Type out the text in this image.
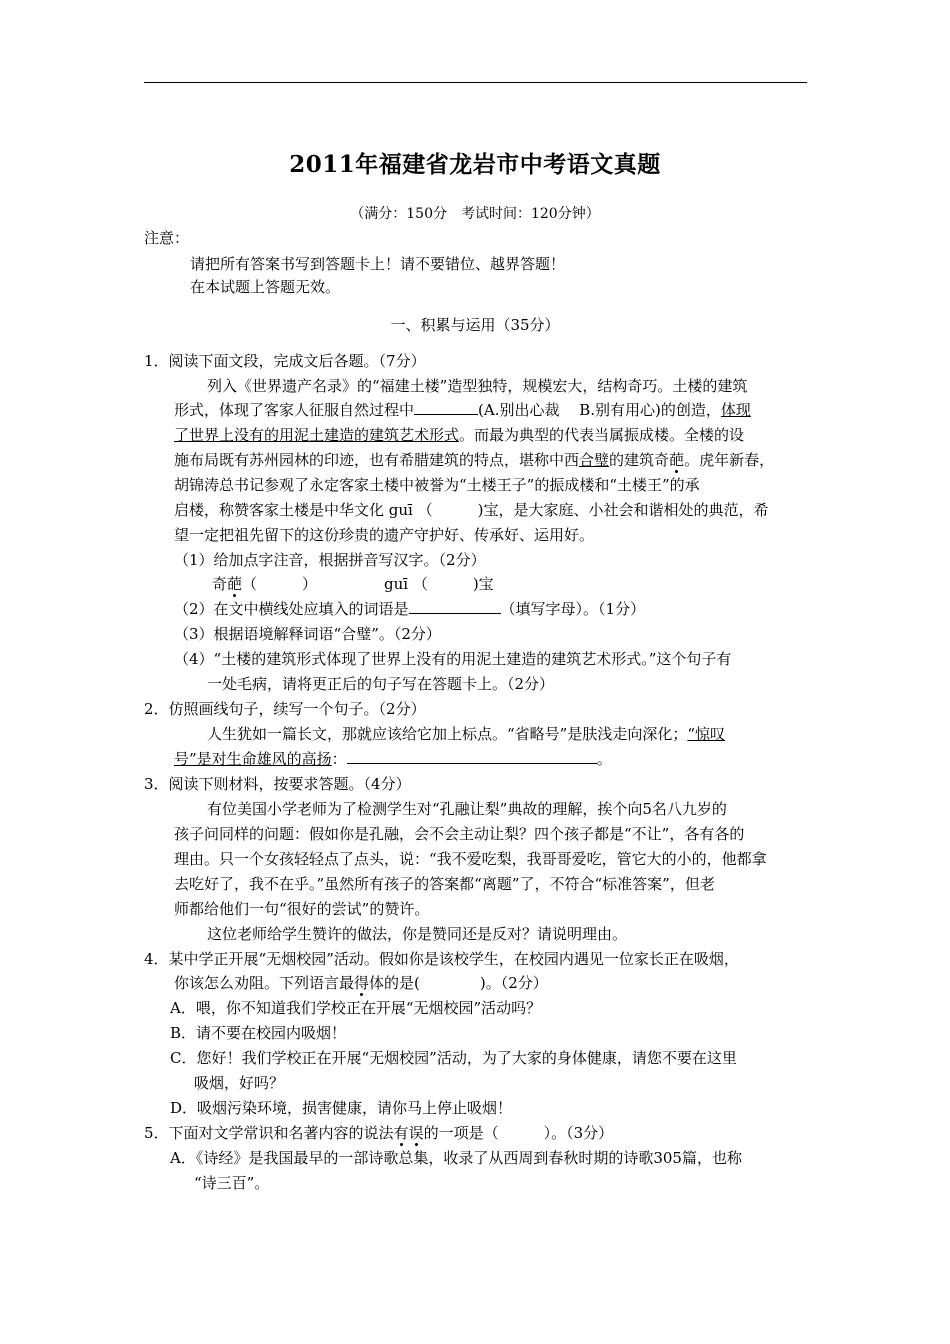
2011年福建省龙岩市中考语文真题
（满分：150分　考试时间：120分钟）
注意：
请把所有答案书写到答题卡上！请不要错位、越界答题！
在本试题上答题无效。
一、积累与运用（35分）
1．阅读下面文段，完成文后各题。（7分）
列入《世界遗产名录》的“福建土楼”造型独特，规模宏大，结构奇巧。土楼的建筑
形式，体现了客家人征服自然过程中	(A.别出心裁　 B.别有用心)的创造，体现
了世界上没有的用泥土建造的建筑艺术形式。而最为典型的代表当属振成楼。全楼的设
施布局既有苏州园林的印迹，也有希腊建筑的特点，堪称中西合璧的建筑奇葩。虎年新春，
胡锦涛总书记参观了永定客家土楼中被誉为“土楼王子”的振成楼和“土楼王”的承
启楼，称赞客家土楼是中华文化 guī （　　　)宝，是大家庭、小社会和谐相处的典范，希
望一定把祖先留下的这份珍贵的遗产守护好、传承好、运用好。
（1）给加点字注音，根据拼音写汉字。（2分）
奇葩（　　　）	guī （　　　)宝
（2）在文中横线处应填入的词语是	（填写字母）。（1分）
（3）根据语境解释词语“合璧”。（2分）
（4）“土楼的建筑形式体现了世界上没有的用泥土建造的建筑艺术形式。”这个句子有
一处毛病，请将更正后的句子写在答题卡上。（2分）
2．仿照画线句子，续写一个句子。（2分）
人生犹如一篇长文，那就应该给它加上标点。“省略号”是肤浅走向深化；“惊叹
号”是对生命雄风的高扬：	。
3．阅读下则材料，按要求答题。（4分）
有位美国小学老师为了检测学生对“孔融让梨”典故的理解，挨个向5名八九岁的
孩子问同样的问题：假如你是孔融，会不会主动让梨？四个孩子都是“不让”，各有各的
理由。只一个女孩轻轻点了点头，说：“我不爱吃梨，我哥哥爱吃，管它大的小的，他都拿
去吃好了，我不在乎。”虽然所有孩子的答案都“离题”了，不符合“标准答案”，但老
师都给他们一句“很好的尝试”的赞许。
这位老师给学生赞许的做法，你是赞同还是反对？请说明理由。
4．某中学正开展“无烟校园”活动。假如你是该校学生，在校园内遇见一位家长正在吸烟，
你该怎么劝阻。下列语言最得体的是(　　　　)。（2分）
A．喂，你不知道我们学校正在开展“无烟校园”活动吗？
B．请不要在校园内吸烟！
C．您好！我们学校正在开展“无烟校园”活动，为了大家的身体健康，请您不要在这里
吸烟，好吗？
D．吸烟污染环境，损害健康，请你马上停止吸烟！
5．下面对文学常识和名著内容的说法有误的一项是（　　　）。（3分）
A．《诗经》是我国最早的一部诗歌总集，收录了从西周到春秋时期的诗歌305篇，也称
“诗三百”。
